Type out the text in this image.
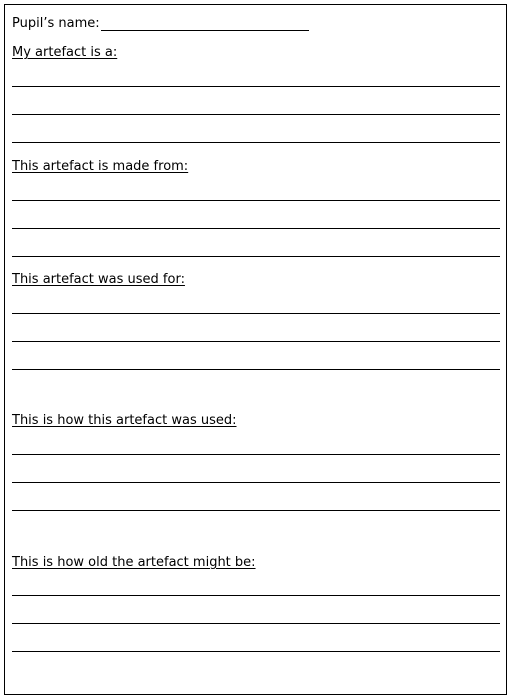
Pupil’s name:
My artefact is a:
This artefact is made from:
This artefact was used for:
This is how this artefact was used:
This is how old the artefact might be:
